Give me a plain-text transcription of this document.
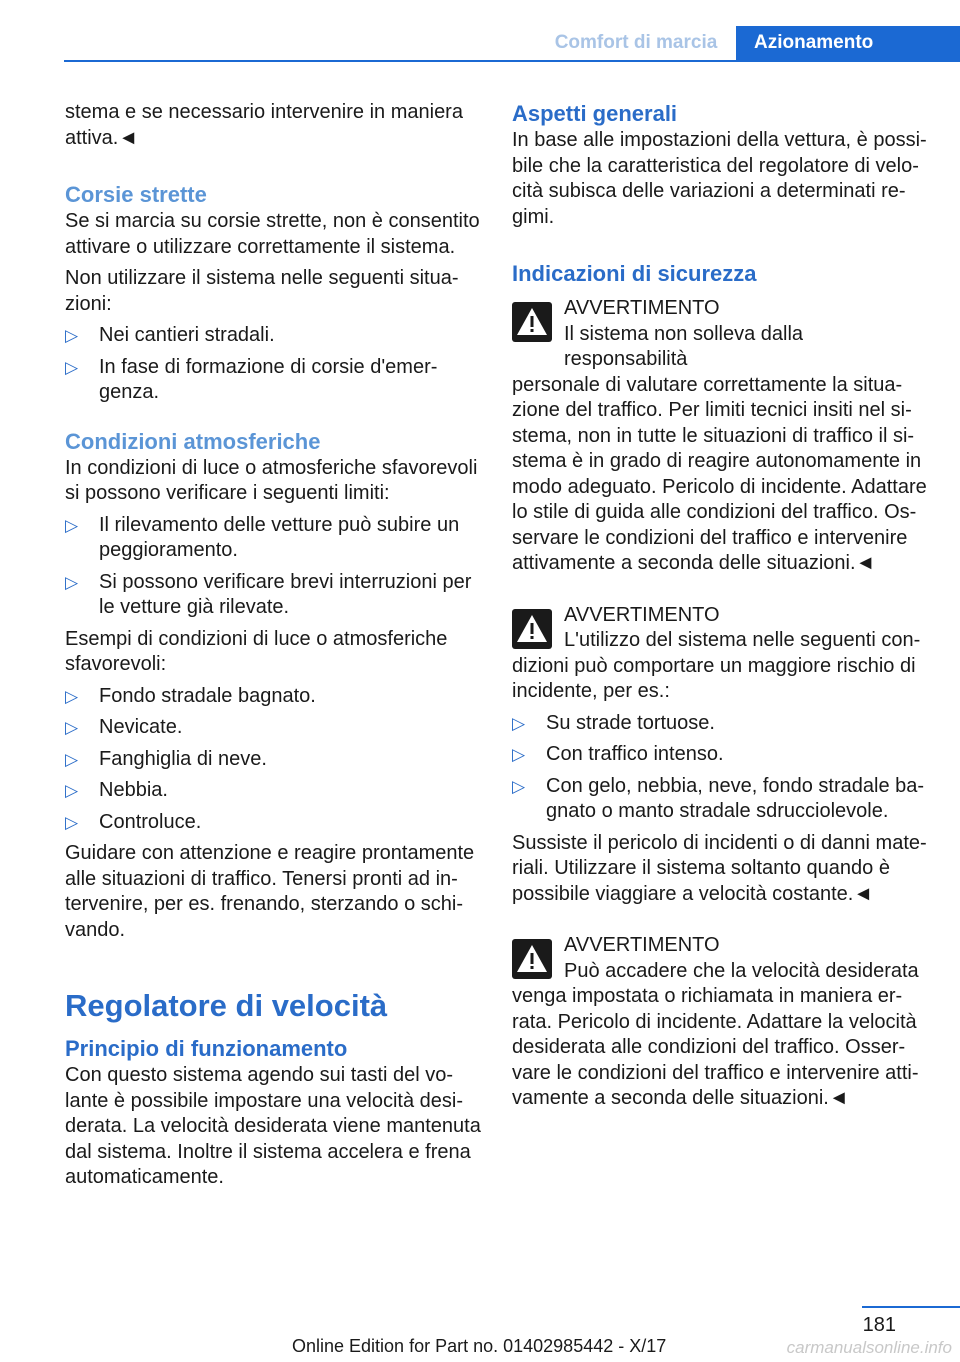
Comfort di marcia	Azionamento

stema e se necessario intervenire in maniera attiva.◄

Corsie strette

Se si marcia su corsie strette, non è consentito attivare o utilizzare correttamente il sistema.

Non utilizzare il sistema nelle seguenti situa-zioni:

▷ Nei cantieri stradali.
▷ In fase di formazione di corsie d'emer-genza.
Condizioni atmosferiche

In condizioni di luce o atmosferiche sfavorevoli si possono verificare i seguenti limiti:

▷ Il rilevamento delle vetture può subire un peggioramento.
▷ Si possono verificare brevi interruzioni per le vetture già rilevate.

Esempi di condizioni di luce o atmosferiche sfavorevoli:

▷ Fondo stradale bagnato.
▷ Nevicate.
▷ Fanghiglia di neve.
▷ Nebbia.
▷ Controluce.

Guidare con attenzione e reagire prontamente alle situazioni di traffico. Tenersi pronti ad in-tervenire, per es. frenando, sterzando o schi-vando.

Regolatore di velocità
Principio di funzionamento

Con questo sistema agendo sui tasti del vo-lante è possibile impostare una velocità desi-derata. La velocità desiderata viene mantenuta dal sistema. Inoltre il sistema accelera e frena automaticamente.

Aspetti generali

In base alle impostazioni della vettura, è possi-bile che la caratteristica del regolatore di velo-cità subisca delle variazioni a determinati re-gimi.

Indicazioni di sicurezza

AVVERTIMENTO

Il sistema non solleva dalla responsabilità

personale di valutare correttamente la situa-zione del traffico. Per limiti tecnici insiti nel si-stema, non in tutte le situazioni di traffico il si-stema è in grado di reagire autonomamente in modo adeguato. Pericolo di incidente. Adattare lo stile di guida alle condizioni del traffico. Os-servare le condizioni del traffico e intervenire attivamente a seconda delle situazioni.◄

AVVERTIMENTO

L'utilizzo del sistema nelle seguenti con-

dizioni può comportare un maggiore rischio di incidente, per es.:

▷ Su strade tortuose.
▷ Con traffico intenso.
▷ Con gelo, nebbia, neve, fondo stradale ba-gnato o manto stradale sdrucciolevole.

Sussiste il pericolo di incidenti o di danni mate-riali. Utilizzare il sistema soltanto quando è possibile viaggiare a velocità costante.◄

AVVERTIMENTO

Può accadere che la velocità desiderata

venga impostata o richiamata in maniera er-rata. Pericolo di incidente. Adattare la velocità desiderata alle condizioni del traffico. Osser-vare le condizioni del traffico e intervenire atti-vamente a seconda delle situazioni.◄

181
Online Edition for Part no. 01402985442 - X/17	carmanualsonline.info
